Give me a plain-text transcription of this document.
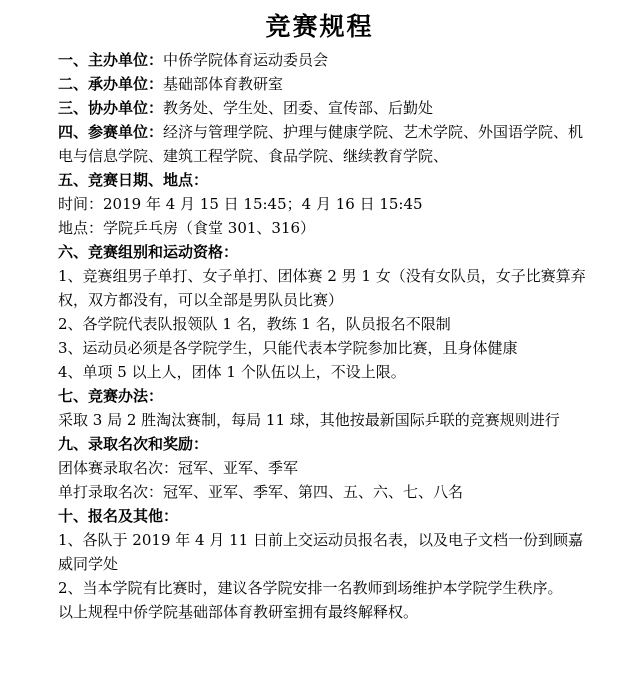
竞赛规程
一、主办单位：中侨学院体育运动委员会
二、承办单位：基础部体育教研室
三、协办单位：教务处、学生处、团委、宣传部、后勤处
四、参赛单位：经济与管理学院、护理与健康学院、艺术学院、外国语学院、机电与信息学院、建筑工程学院、食品学院、继续教育学院、
五、竞赛日期、地点：
时间：2019 年 4 月 15 日 15:45；4 月 16 日 15:45
地点：学院乒乓房（食堂 301、316）
六、竞赛组别和运动资格：
1、竞赛组男子单打、女子单打、团体赛 2 男 1 女（没有女队员，女子比赛算弃权，双方都没有，可以全部是男队员比赛）
2、各学院代表队报领队 1 名，教练 1 名，队员报名不限制
3、运动员必须是各学院学生，只能代表本学院参加比赛，且身体健康
4、单项 5 以上人，团体 1 个队伍以上，不设上限。
七、竞赛办法：
采取 3 局 2 胜淘汰赛制，每局 11 球，其他按最新国际乒联的竞赛规则进行
九、录取名次和奖励：
团体赛录取名次：冠军、亚军、季军
单打录取名次：冠军、亚军、季军、第四、五、六、七、八名
十、报名及其他：
1、各队于 2019 年 4 月 11 日前上交运动员报名表，以及电子文档一份到顾嘉威同学处
2、当本学院有比赛时，建议各学院安排一名教师到场维护本学院学生秩序。
以上规程中侨学院基础部体育教研室拥有最终解释权。
